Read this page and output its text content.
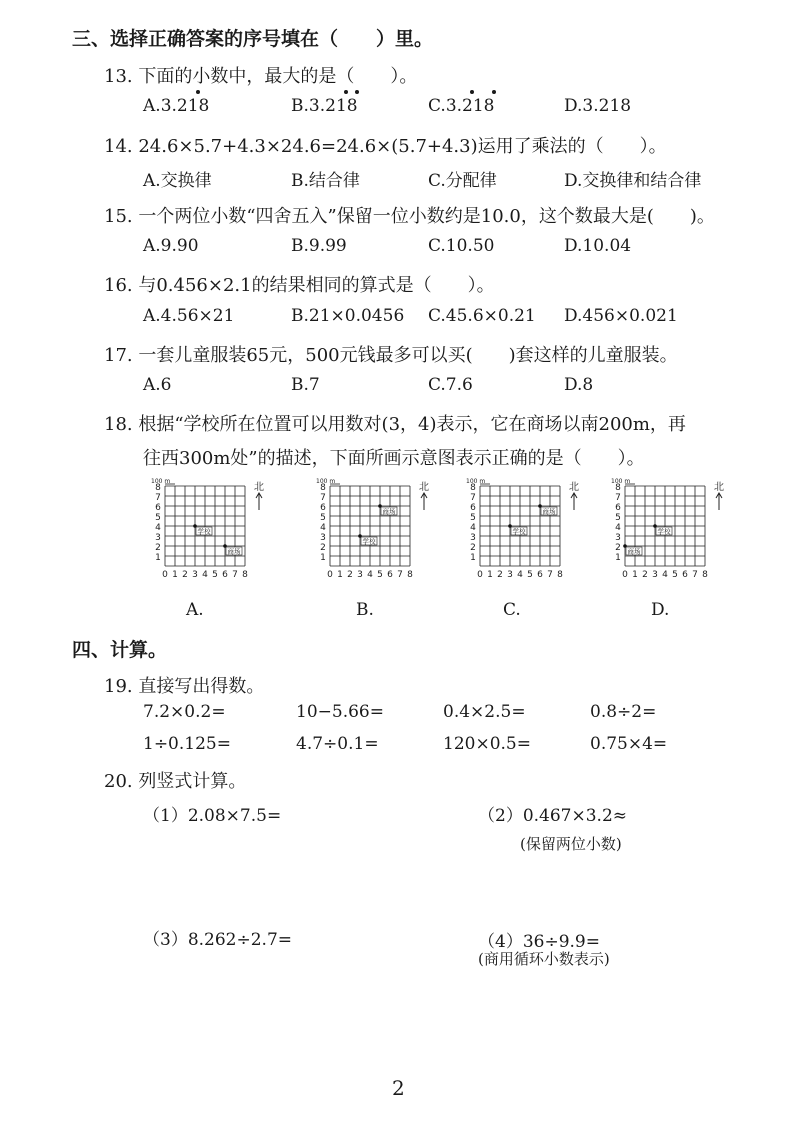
三、选择正确答案的序号填在（　　）里。
13. 下面的小数中，最大的是（　　）。
A.3.218	B.3.218	C.3.218	D.3.218
14. 24.6×5.7+4.3×24.6=24.6×(5.7+4.3)运用了乘法的（　　）。
A.交换律	B.结合律	C.分配律	D.交换律和结合律
15. 一个两位小数“四舍五入”保留一位小数约是10.0，这个数最大是(　　)。
A.9.90	B.9.99	C.10.50	D.10.04
16. 与0.456×2.1的结果相同的算式是（　　）。
A.4.56×21	B.21×0.0456 C.45.6×0.21 D.456×0.021
17. 一套儿童服装65元，500元钱最多可以买(　　)套这样的儿童服装。
A.6	B.7	C.7.6	D.8
18. 根据“学校所在位置可以用数对(3，4)表示，它在商场以南200m，再
往西300m处”的描述，下面所画示意图表示正确的是（　　）。
1
2
3
4
5
6
7
8
0 1 2 3 4 5 6 7 8
100 m
北
学校
商场
A.
1
2
3
4
5
6
7
8
0 1 2 3 4 5 6 7 8
100 m
北
学校
商场
B.
1
2
3
4
5
6
7
8
0 1 2 3 4 5 6 7 8
100 m
北
学校
商场
C.
1
2
3
4
5
6
7
8
0 1 2 3 4 5 6 7 8
100 m
北
学校
商场
D.
四、计算。
19. 直接写出得数。
7.2×0.2=	10−5.66=	0.4×2.5=	0.8÷2=
1÷0.125=	4.7÷0.1=	120×0.5=	0.75×4=
20. 列竖式计算。
（1）2.08×7.5=	（2）0.467×3.2≈
(保留两位小数)
（3）8.262÷2.7=	（4）36÷9.9=
(商用循环小数表示)
2
